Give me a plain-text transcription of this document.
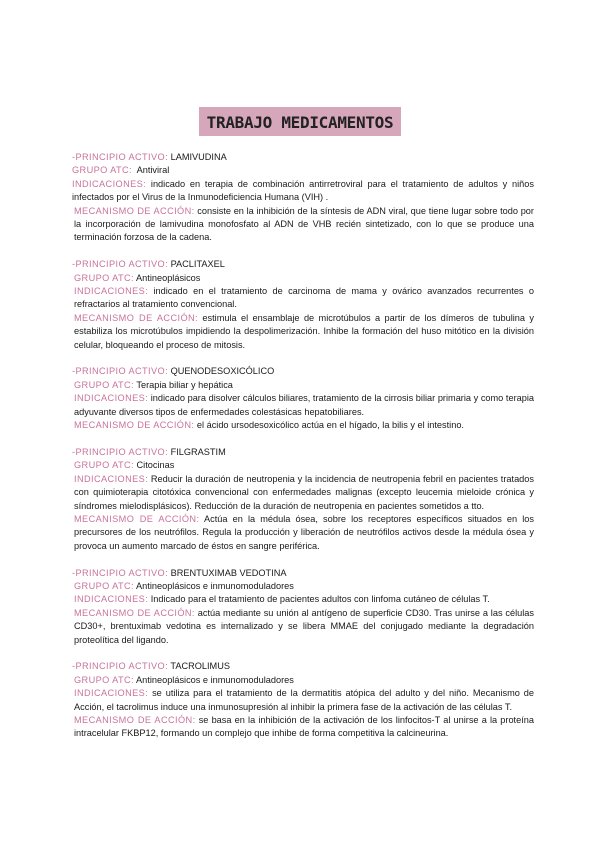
TRABAJO MEDICAMENTOS
-PRINCIPIO ACTIVO: LAMIVUDINA
GRUPO ATC: Antiviral
INDICACIONES: indicado en terapia de combinación antirretroviral para el tratamiento de adultos y niños infectados por el Virus de la Inmunodeficiencia Humana (VIH) .
MECANISMO DE ACCIÓN: consiste en la inhibición de la síntesis de ADN viral, que tiene lugar sobre todo por la incorporación de lamivudina monofosfato al ADN de VHB recién sintetizado, con lo que se produce una terminación forzosa de la cadena.
-PRINCIPIO ACTIVO: PACLITAXEL
GRUPO ATC: Antineoplásicos
INDICACIONES: indicado en el tratamiento de carcinoma de mama y ovárico avanzados recurrentes o refractarios al tratamiento convencional.
MECANISMO DE ACCIÓN: estimula el ensamblaje de microtúbulos a partir de los dímeros de tubulina y estabiliza los microtúbulos impidiendo la despolimerización. Inhibe la formación del huso mitótico en la división celular, bloqueando el proceso de mitosis.
-PRINCIPIO ACTIVO: QUENODESOXICÓLICO
GRUPO ATC: Terapia biliar y hepática
INDICACIONES: indicado para disolver cálculos biliares, tratamiento de la cirrosis biliar primaria y como terapia adyuvante diversos tipos de enfermedades colestásicas hepatobiliares.
MECANISMO DE ACCIÓN: el ácido ursodesoxicólico actúa en el hígado, la bilis y el intestino.
-PRINCIPIO ACTIVO: FILGRASTIM
GRUPO ATC: Citocinas
INDICACIONES: Reducir la duración de neutropenia y la incidencia de neutropenia febril en pacientes tratados con quimioterapia citotóxica convencional con enfermedades malignas (excepto leucemia mieloide crónica y síndromes mielodisplásicos). Reducción de la duración de neutropenia en pacientes sometidos a tto.
MECANISMO DE ACCIÓN: Actúa en la médula ósea, sobre los receptores específicos situados en los precursores de los neutrófilos. Regula la producción y liberación de neutrófilos activos desde la médula ósea y provoca un aumento marcado de éstos en sangre periférica.
-PRINCIPIO ACTIVO: BRENTUXIMAB VEDOTINA
GRUPO ATC: Antineoplásicos e inmunomoduladores
INDICACIONES: Indicado para el tratamiento de pacientes adultos con linfoma cutáneo de células T.
MECANISMO DE ACCIÓN: actúa mediante su unión al antígeno de superficie CD30. Tras unirse a las células CD30+, brentuximab vedotina es internalizado y se libera MMAE del conjugado mediante la degradación proteolítica del ligando.
-PRINCIPIO ACTIVO: TACROLIMUS
GRUPO ATC: Antineoplásicos e inmunomoduladores
INDICACIONES: se utiliza para el tratamiento de la dermatitis atópica del adulto y del niño. Mecanismo de Acción, el tacrolimus induce una inmunosupresión al inhibir la primera fase de la activación de las células T.
MECANISMO DE ACCIÓN: se basa en la inhibición de la activación de los linfocitos-T al unirse a la proteína intracelular FKBP12, formando un complejo que inhibe de forma competitiva la calcineurina.
